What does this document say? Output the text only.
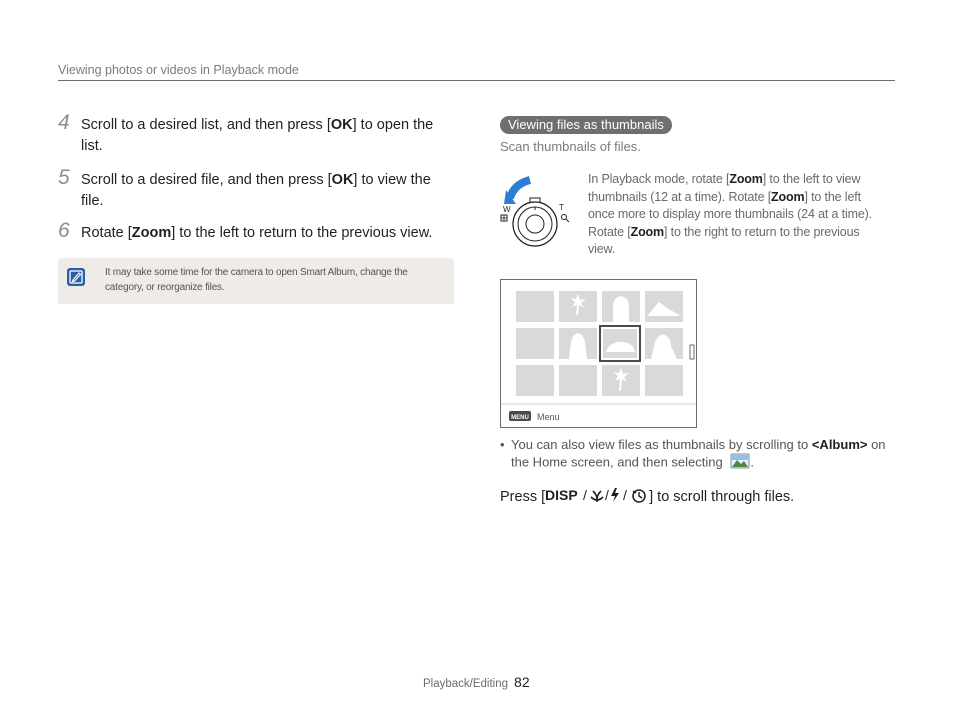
Viewing photos or videos in Playback mode
4 Scroll to a desired list, and then press [OK] to open the list.
5 Scroll to a desired file, and then press [OK] to view the file.
6 Rotate [Zoom] to the left to return to the previous view.
It may take some time for the camera to open Smart Album, change the category, or reorganize files.
Viewing files as thumbnails
Scan thumbnails of files.
W	T
In Playback mode, rotate [Zoom] to the left to view thumbnails (12 at a time). Rotate [Zoom] to the left once more to display more thumbnails (24 at a time). Rotate [Zoom] to the right to return to the previous view.
MENU Menu
• You can also view files as thumbnails by scrolling to <Album> on the Home screen, and then selecting .
Press [ DISP / / / ] to scroll through files.
Playback/Editing 82
